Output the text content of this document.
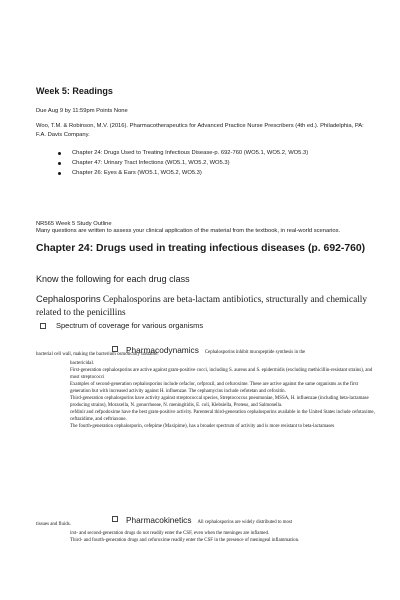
Week 5: Readings
Due Aug 9 by 11:59pm Points None
Woo, T.M. & Robinson, M.V. (2016). Pharmacotherapeutics for Advanced Practice Nurse Prescribers (4th ed.). Philadelphia, PA: F.A. Davis Company.
Chapter 24: Drugs Used to Treating Infectious Disease-p. 692-760 (WO5.1, WO5.2, WO5.3)
Chapter 47: Urinary Tract Infections (WO5.1, WO5.2, WO5.3)
Chapter 26: Eyes & Ears (WO5.1, WO5.2, WO5.3)
NR565 Week 5 Study Outline
Many questions are written to assess your clinical application of the material from the textbook, in real-world scenarios.
Chapter 24: Drugs used in treating infectious diseases (p. 692-760)
Know the following for each drug class
Cephalosporins Cephalosporins are beta-lactam antibiotics, structurally and chemically related to the penicillins
Spectrum of coverage for various organisms
Pharmacodynamics Cephalosporins inhibit mucopeptide synthesis in the
bacterial cell wall, making the bacterium osmotically unstable.
bactericidal.
First-generation cephalosporins are active against gram-positive cocci, including S. aureus and S. epidermidis (excluding methicillin-resistant strains), and most streptococci
Examples of second-generation cephalosporins include cefaclor, cefprozil, and cefuroxime. These are active against the same organisms as the first generation but with increased activity against H. influenzae. The cephamycins include cefotetan and cefoxitin.
Third-generation cephalosporins have activity against streptococcal species, Streptococcus pneumoniae, MSSA, H. influenzae (including beta-lactamase producing strains), Moraxella, N. gonorrhoeae, N. meningitidis, E. coli, Klebsiella, Proteus, and Salmonella.
cefdinir and cefpodoxime have the best gram-positive activity. Parenteral third-generation cephalosporins available in the United States include cefotaxime, ceftazidime, and ceftriaxone.
The fourth-generation cephalosporin, cefepime (Maxipime), has a broader spectrum of activity and is more resistant to beta-lactamases
Pharmacokinetics All cephalosporins are widely distributed to most
tissues and fluids.
irst- and second-generation drugs do not readily enter the CSF, even when the meninges are inflamed.
Third- and fourth-generation drugs and cefuroxime readily enter the CSF in the presence of meningeal inflammation.
